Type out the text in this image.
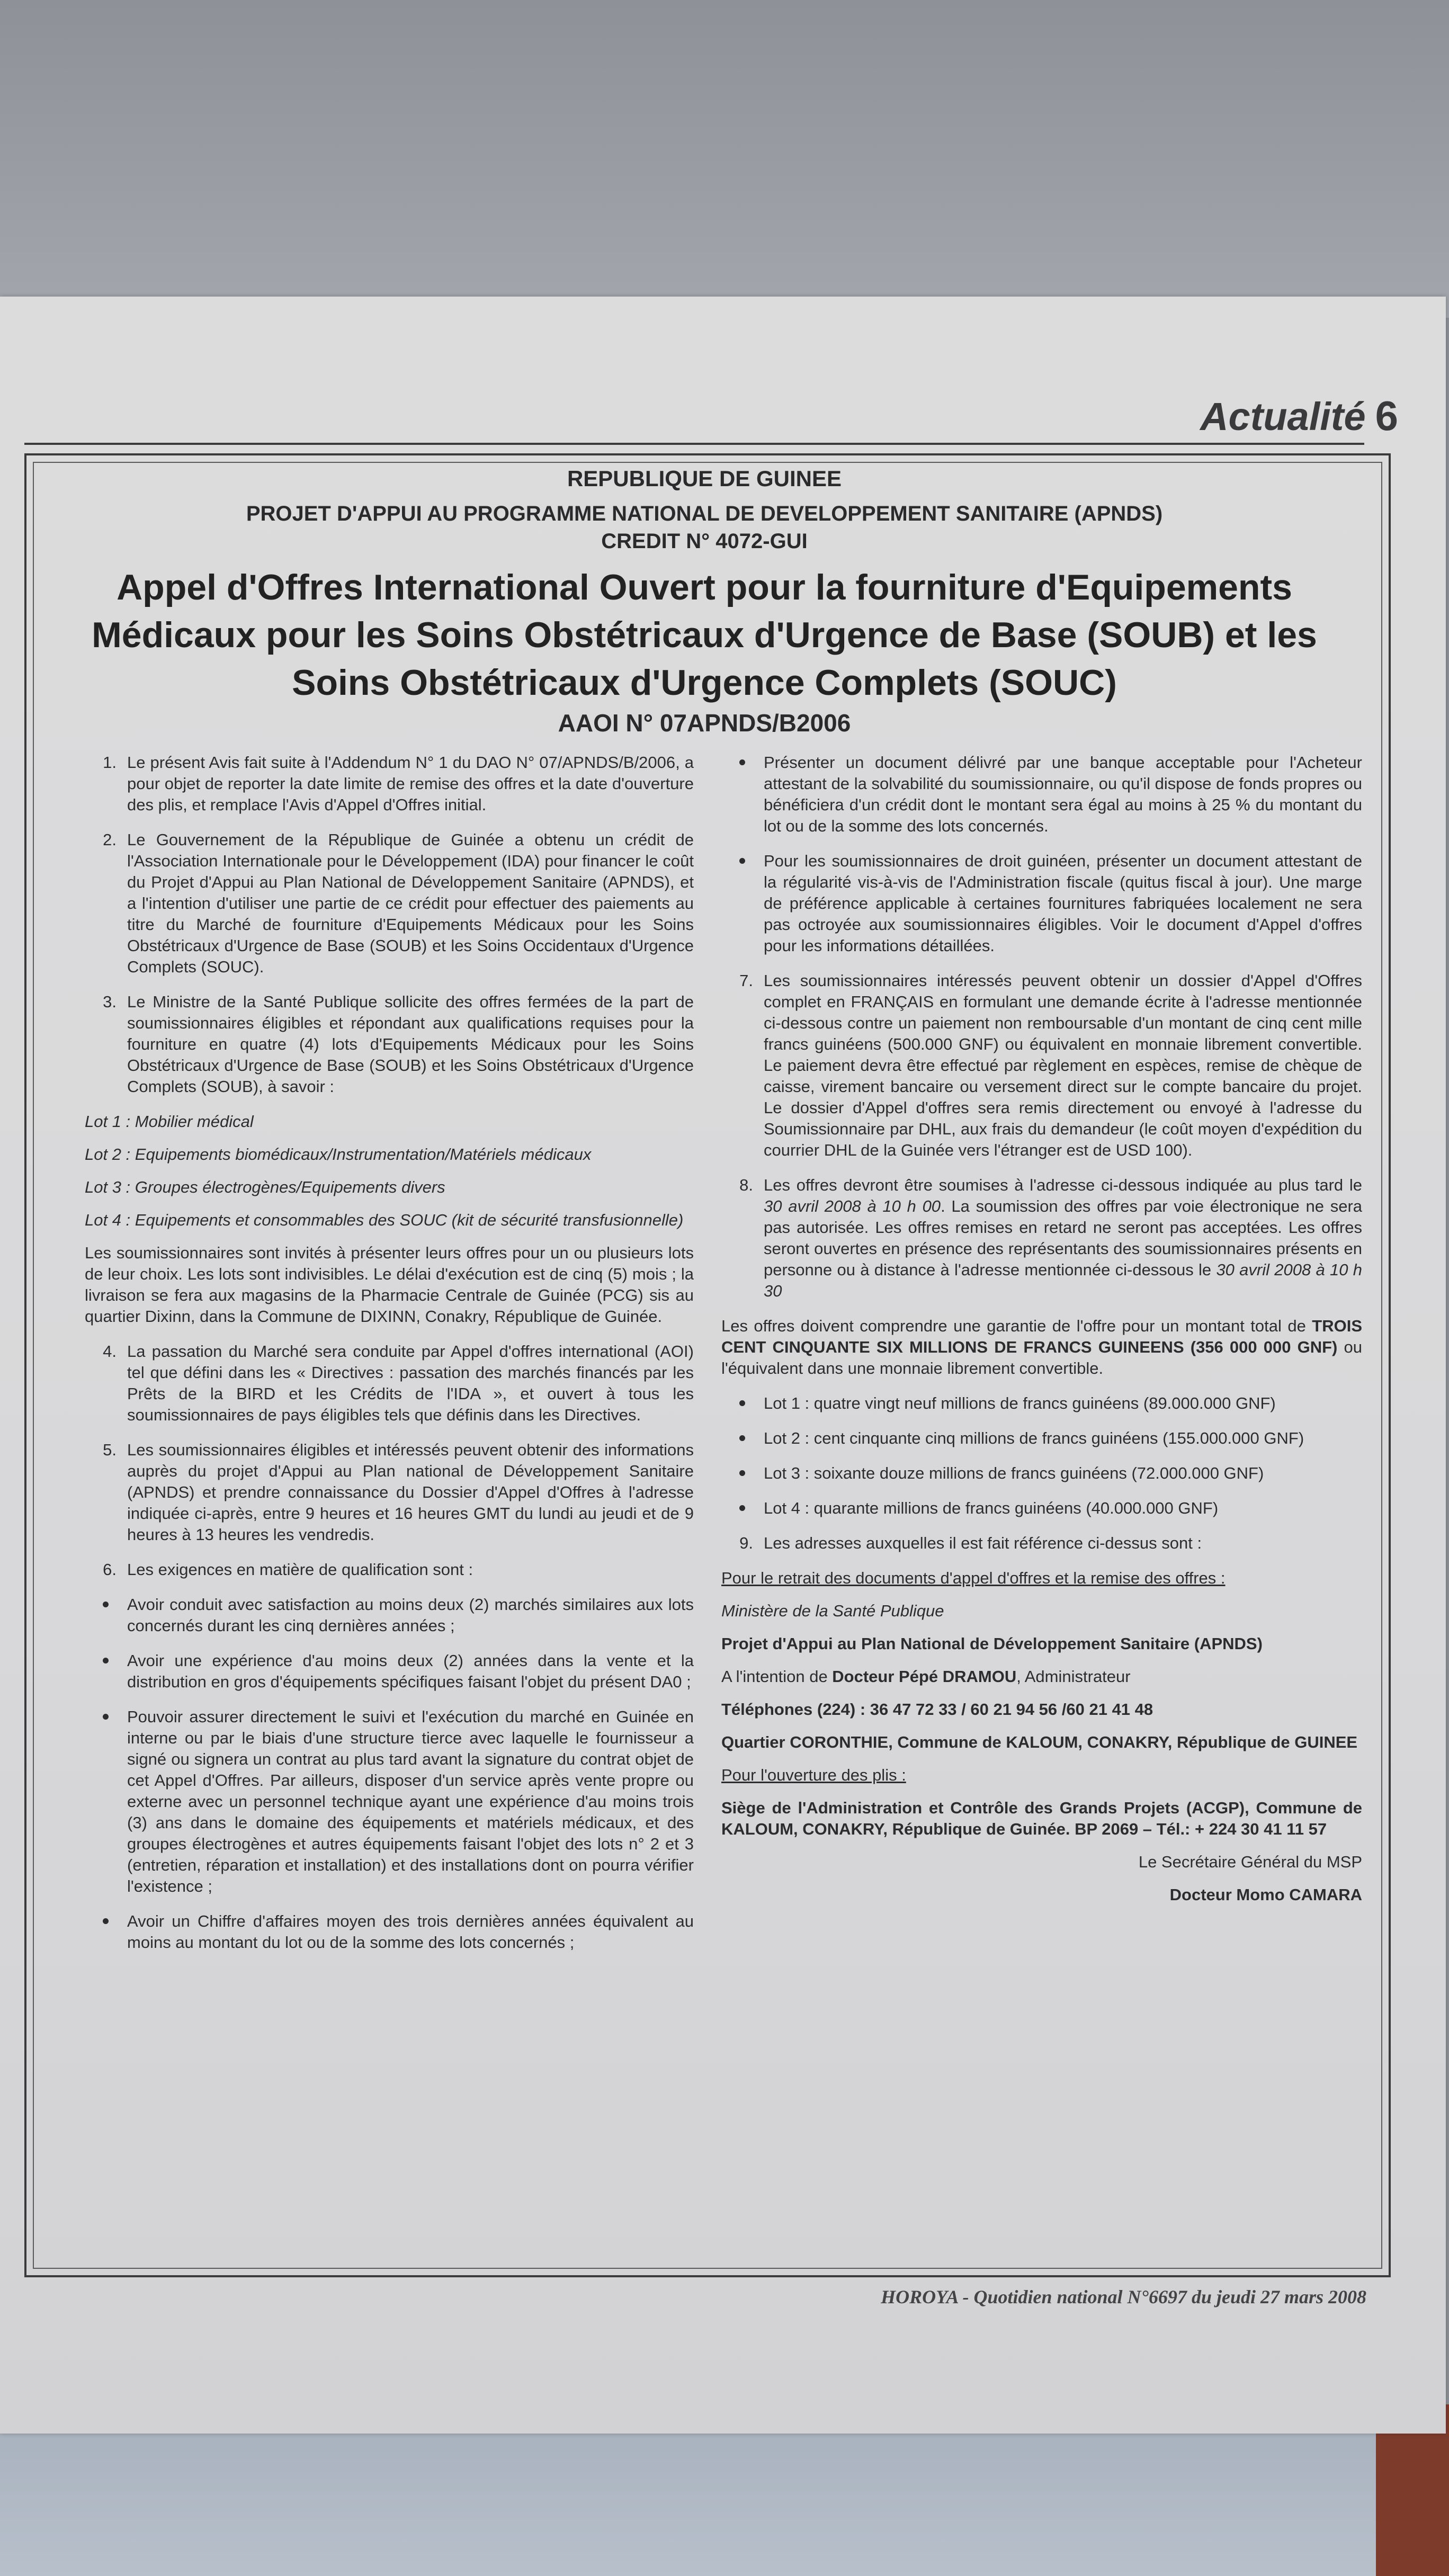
Actualité 6
REPUBLIQUE DE GUINEE
PROJET D'APPUI AU PROGRAMME NATIONAL DE DEVELOPPEMENT SANITAIRE (APNDS)
CREDIT N° 4072-GUI
Appel d'Offres International Ouvert pour la fourniture d'Equipements
Médicaux pour les Soins Obstétricaux d'Urgence de Base (SOUB) et les
Soins Obstétricaux d'Urgence Complets (SOUC)
AAOI N° 07APNDS/B2006
1. Le présent Avis fait suite à l'Addendum N° 1 du DAO N° 07/APNDS/B/2006, a pour objet de reporter la date limite de remise des offres et la date d'ouverture des plis, et remplace l'Avis d'Appel d'Offres initial.
2. Le Gouvernement de la République de Guinée a obtenu un crédit de l'Association Internationale pour le Développement (IDA) pour financer le coût du Projet d'Appui au Plan National de Développement Sanitaire (APNDS), et a l'intention d'utiliser une partie de ce crédit pour effectuer des paiements au titre du Marché de fourniture d'Equipements Médicaux pour les Soins Obstétricaux d'Urgence de Base (SOUB) et les Soins Occidentaux d'Urgence Complets (SOUC).
3. Le Ministre de la Santé Publique sollicite des offres fermées de la part de soumissionnaires éligibles et répondant aux qualifications requises pour la fourniture en quatre (4) lots d'Equipements Médicaux pour les Soins Obstétricaux d'Urgence de Base (SOUB) et les Soins Obstétricaux d'Urgence Complets (SOUB), à savoir :
Lot 1 : Mobilier médical
Lot 2 : Equipements biomédicaux/Instrumentation/Matériels médicaux
Lot 3 : Groupes électrogènes/Equipements divers
Lot 4 : Equipements et consommables des SOUC (kit de sécurité transfusionnelle)

Les soumissionnaires sont invités à présenter leurs offres pour un ou plusieurs lots de leur choix. Les lots sont indivisibles. Le délai d'exécution est de cinq (5) mois ; la livraison se fera aux magasins de la Pharmacie Centrale de Guinée (PCG) sis au quartier Dixinn, dans la Commune de DIXINN, Conakry, République de Guinée.

4. La passation du Marché sera conduite par Appel d'offres international (AOI) tel que défini dans les « Directives : passation des marchés financés par les Prêts de la BIRD et les Crédits de l'IDA », et ouvert à tous les soumissionnaires de pays éligibles tels que définis dans les Directives.
5. Les soumissionnaires éligibles et intéressés peuvent obtenir des informations auprès du projet d'Appui au Plan national de Développement Sanitaire (APNDS) et prendre connaissance du Dossier d'Appel d'Offres à l'adresse indiquée ci-après, entre 9 heures et 16 heures GMT du lundi au jeudi et de 9 heures à 13 heures les vendredis.
6. Les exigences en matière de qualification sont :
Avoir conduit avec satisfaction au moins deux (2) marchés similaires aux lots concernés durant les cinq dernières années ;
Avoir une expérience d'au moins deux (2) années dans la vente et la distribution en gros d'équipements spécifiques faisant l'objet du présent DA0 ;
Pouvoir assurer directement le suivi et l'exécution du marché en Guinée en interne ou par le biais d'une structure tierce avec laquelle le fournisseur a signé ou signera un contrat au plus tard avant la signature du contrat objet de cet Appel d'Offres. Par ailleurs, disposer d'un service après vente propre ou externe avec un personnel technique ayant une expérience d'au moins trois (3) ans dans le domaine des équipements et matériels médicaux, et des groupes électrogènes et autres équipements faisant l'objet des lots n° 2 et 3 (entretien, réparation et installation) et des installations dont on pourra vérifier l'existence ;
Avoir un Chiffre d'affaires moyen des trois dernières années équivalent au moins au montant du lot ou de la somme des lots concernés ;
Présenter un document délivré par une banque acceptable pour l'Acheteur attestant de la solvabilité du soumissionnaire, ou qu'il dispose de fonds propres ou bénéficiera d'un crédit dont le montant sera égal au moins à 25 % du montant du lot ou de la somme des lots concernés.
Pour les soumissionnaires de droit guinéen, présenter un document attestant de la régularité vis-à-vis de l'Administration fiscale (quitus fiscal à jour). Une marge de préférence applicable à certaines fournitures fabriquées localement ne sera pas octroyée aux soumissionnaires éligibles. Voir le document d'Appel d'offres pour les informations détaillées.
7. Les soumissionnaires intéressés peuvent obtenir un dossier d'Appel d'Offres complet en FRANÇAIS en formulant une demande écrite à l'adresse mentionnée ci-dessous contre un paiement non remboursable d'un montant de cinq cent mille francs guinéens (500.000 GNF) ou équivalent en monnaie librement convertible. Le paiement devra être effectué par règlement en espèces, remise de chèque de caisse, virement bancaire ou versement direct sur le compte bancaire du projet. Le dossier d'Appel d'offres sera remis directement ou envoyé à l'adresse du Soumissionnaire par DHL, aux frais du demandeur (le coût moyen d'expédition du courrier DHL de la Guinée vers l'étranger est de USD 100).
8. Les offres devront être soumises à l'adresse ci-dessous indiquée au plus tard le 30 avril 2008 à 10 h 00. La soumission des offres par voie électronique ne sera pas autorisée. Les offres remises en retard ne seront pas acceptées. Les offres seront ouvertes en présence des représentants des soumissionnaires présents en personne ou à distance à l'adresse mentionnée ci-dessous le 30 avril 2008 à 10 h 30

Les offres doivent comprendre une garantie de l'offre pour un montant total de TROIS CENT CINQUANTE SIX MILLIONS DE FRANCS GUINEENS (356 000 000 GNF) ou l'équivalent dans une monnaie librement convertible.

Lot 1 : quatre vingt neuf millions de francs guinéens (89.000.000 GNF)
Lot 2 : cent cinquante cinq millions de francs guinéens (155.000.000 GNF)
Lot 3 : soixante douze millions de francs guinéens (72.000.000 GNF)
Lot 4 : quarante millions de francs guinéens (40.000.000 GNF)
9. Les adresses auxquelles il est fait référence ci-dessus sont :
Pour le retrait des documents d'appel d'offres et la remise des offres :
Ministère de la Santé Publique
Projet d'Appui au Plan National de Développement Sanitaire (APNDS)
A l'intention de Docteur Pépé DRAMOU, Administrateur
Téléphones (224) : 36 47 72 33 / 60 21 94 56 /60 21 41 48
Quartier CORONTHIE, Commune de KALOUM, CONAKRY, République de GUINEE
Pour l'ouverture des plis :
Siège de l'Administration et Contrôle des Grands Projets (ACGP), Commune de KALOUM, CONAKRY, République de Guinée. BP 2069 – Tél.: + 224 30 41 11 57
Le Secrétaire Général du MSP
Docteur Momo CAMARA
HOROYA - Quotidien national N°6697 du jeudi 27 mars 2008
